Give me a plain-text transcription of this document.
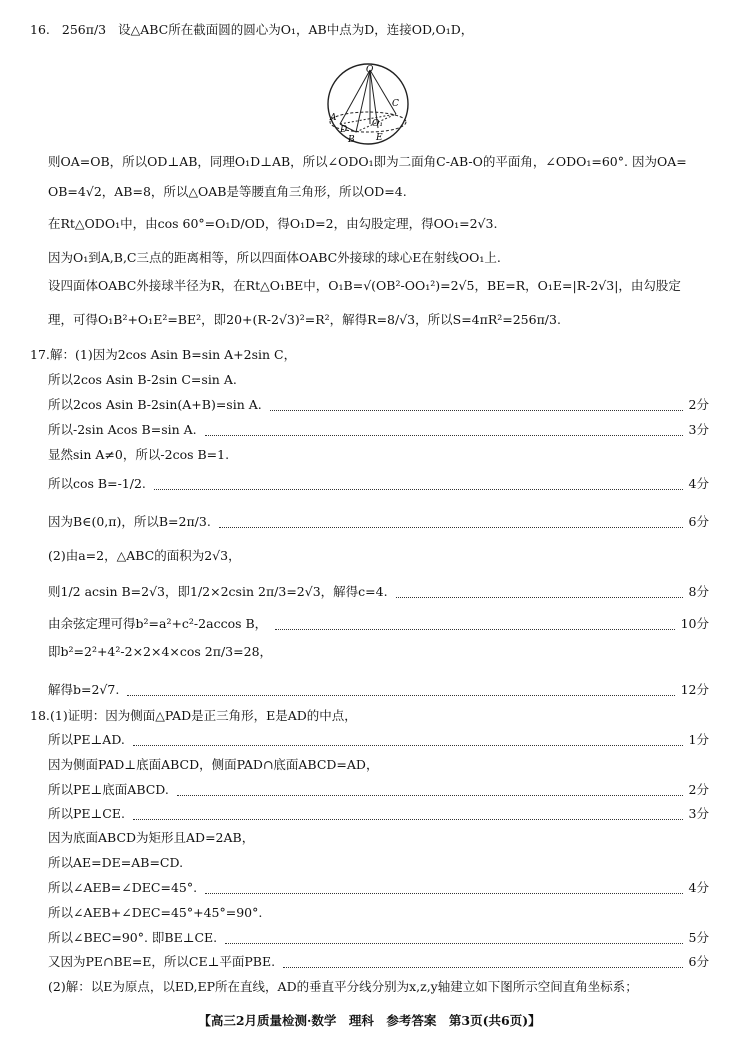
16. 256π/3 设△ABC所在截面圆的圆心为O₁，AB中点为D，连接OD,O₁D，
O
A
C
D
O₁
B E
则OA=OB，所以OD⊥AB，同理O₁D⊥AB，所以∠ODO₁即为二面角C-AB-O的平面角，∠ODO₁=60°. 因为OA=
OB=4√2，AB=8，所以△OAB是等腰直角三角形，所以OD=4.
在Rt△ODO₁中，由cos 60°=O₁D/OD，得O₁D=2，由勾股定理，得OO₁=2√3.
因为O₁到A,B,C三点的距离相等，所以四面体OABC外接球的球心E在射线OO₁上.
设四面体OABC外接球半径为R，在Rt△O₁BE中，O₁B=√(OB²-OO₁²)=2√5，BE=R，O₁E=|R-2√3|，由勾股定
理，可得O₁B²+O₁E²=BE²，即20+(R-2√3)²=R²，解得R=8/√3，所以S=4πR²=256π/3.
17. 解：(1)因为2cos Asin B=sin A+2sin C，
所以2cos Asin B-2sin C=sin A.
所以2cos Asin B-2sin(A+B)=sin A.	2分
所以-2sin Acos B=sin A.	3分
显然sin A≠0，所以-2cos B=1.
所以cos B=-1/2.	4分
因为B∈(0,π)，所以B=2π/3.	6分
(2)由a=2，△ABC的面积为2√3，
则1/2 acsin B=2√3，即1/2×2csin 2π/3=2√3，解得c=4.	8分
由余弦定理可得b²=a²+c²-2accos B，	10分
即b²=2²+4²-2×2×4×cos 2π/3=28，
解得b=2√7.	12分
18. (1)证明：因为侧面△PAD是正三角形，E是AD的中点，
所以PE⊥AD.	1分
因为侧面PAD⊥底面ABCD，侧面PAD∩底面ABCD=AD，
所以PE⊥底面ABCD.	2分
所以PE⊥CE.	3分
因为底面ABCD为矩形且AD=2AB，
所以AE=DE=AB=CD.
所以∠AEB=∠DEC=45°.	4分
所以∠AEB+∠DEC=45°+45°=90°.
所以∠BEC=90°. 即BE⊥CE.	5分
又因为PE∩BE=E，所以CE⊥平面PBE.	6分
(2)解：以E为原点，以ED,EP所在直线，AD的垂直平分线分别为x,z,y轴建立如下图所示空间直角坐标系；
【高三2月质量检测·数学　理科　参考答案　第3页(共6页)】
